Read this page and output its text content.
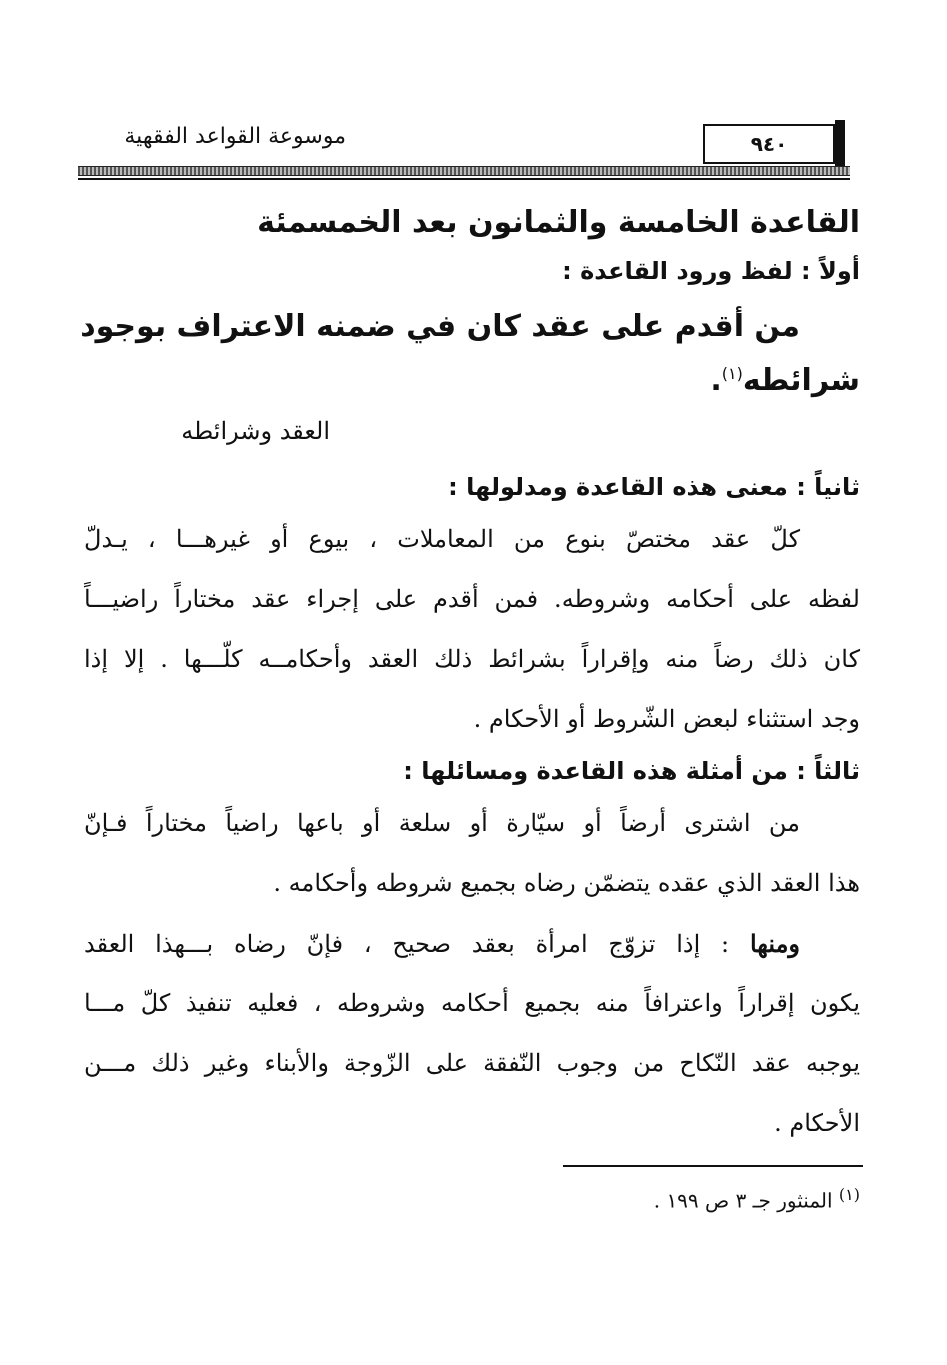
٩٤٠
موسوعة القواعد الفقهية

القاعدة الخامسة والثمانون بعد الخمسمئة

أولاً : لفظ ورود القاعدة :

من أقدم على عقد كان في ضمنه الاعتراف بوجود

شرائطه$^{(١)}$.

العقد وشرائطه

ثانياً : معنى هذه القاعدة ومدلولها :

كلّ عقد مختصّ بنوع من المعاملات ، بيوع أو غيرهـــا ، يـدلّ

لفظه على أحكامه وشروطه. فمن أقدم على إجراء عقد مختاراً راضيـــاً

كان ذلك رضاً منه وإقراراً بشرائط ذلك العقد وأحكامــه كلّـــها . إلا إذا

وجد استثناء لبعض الشّروط أو الأحكام .

ثالثاً : من أمثلة هذه القاعدة ومسائلها :

من اشترى أرضاً أو سيّارة أو سلعة أو باعها راضياً مختاراً فـإنّ

هذا العقد الذي عقده يتضمّن رضاه بجميع شروطه وأحكامه .

ومنها : إذا تزوّج امرأة بعقد صحيح ، فإنّ رضاه بـــهذا العقد

يكون إقراراً واعترافاً منه بجميع أحكامه وشروطه ، فعليه تنفيذ كلّ مـــا

يوجبه عقد النّكاح من وجوب النّفقة على الزّوجة والأبناء وغير ذلك مـــن

الأحكام .

$^{(١)}$ المنثور جـ ٣ ص ١٩٩ .
